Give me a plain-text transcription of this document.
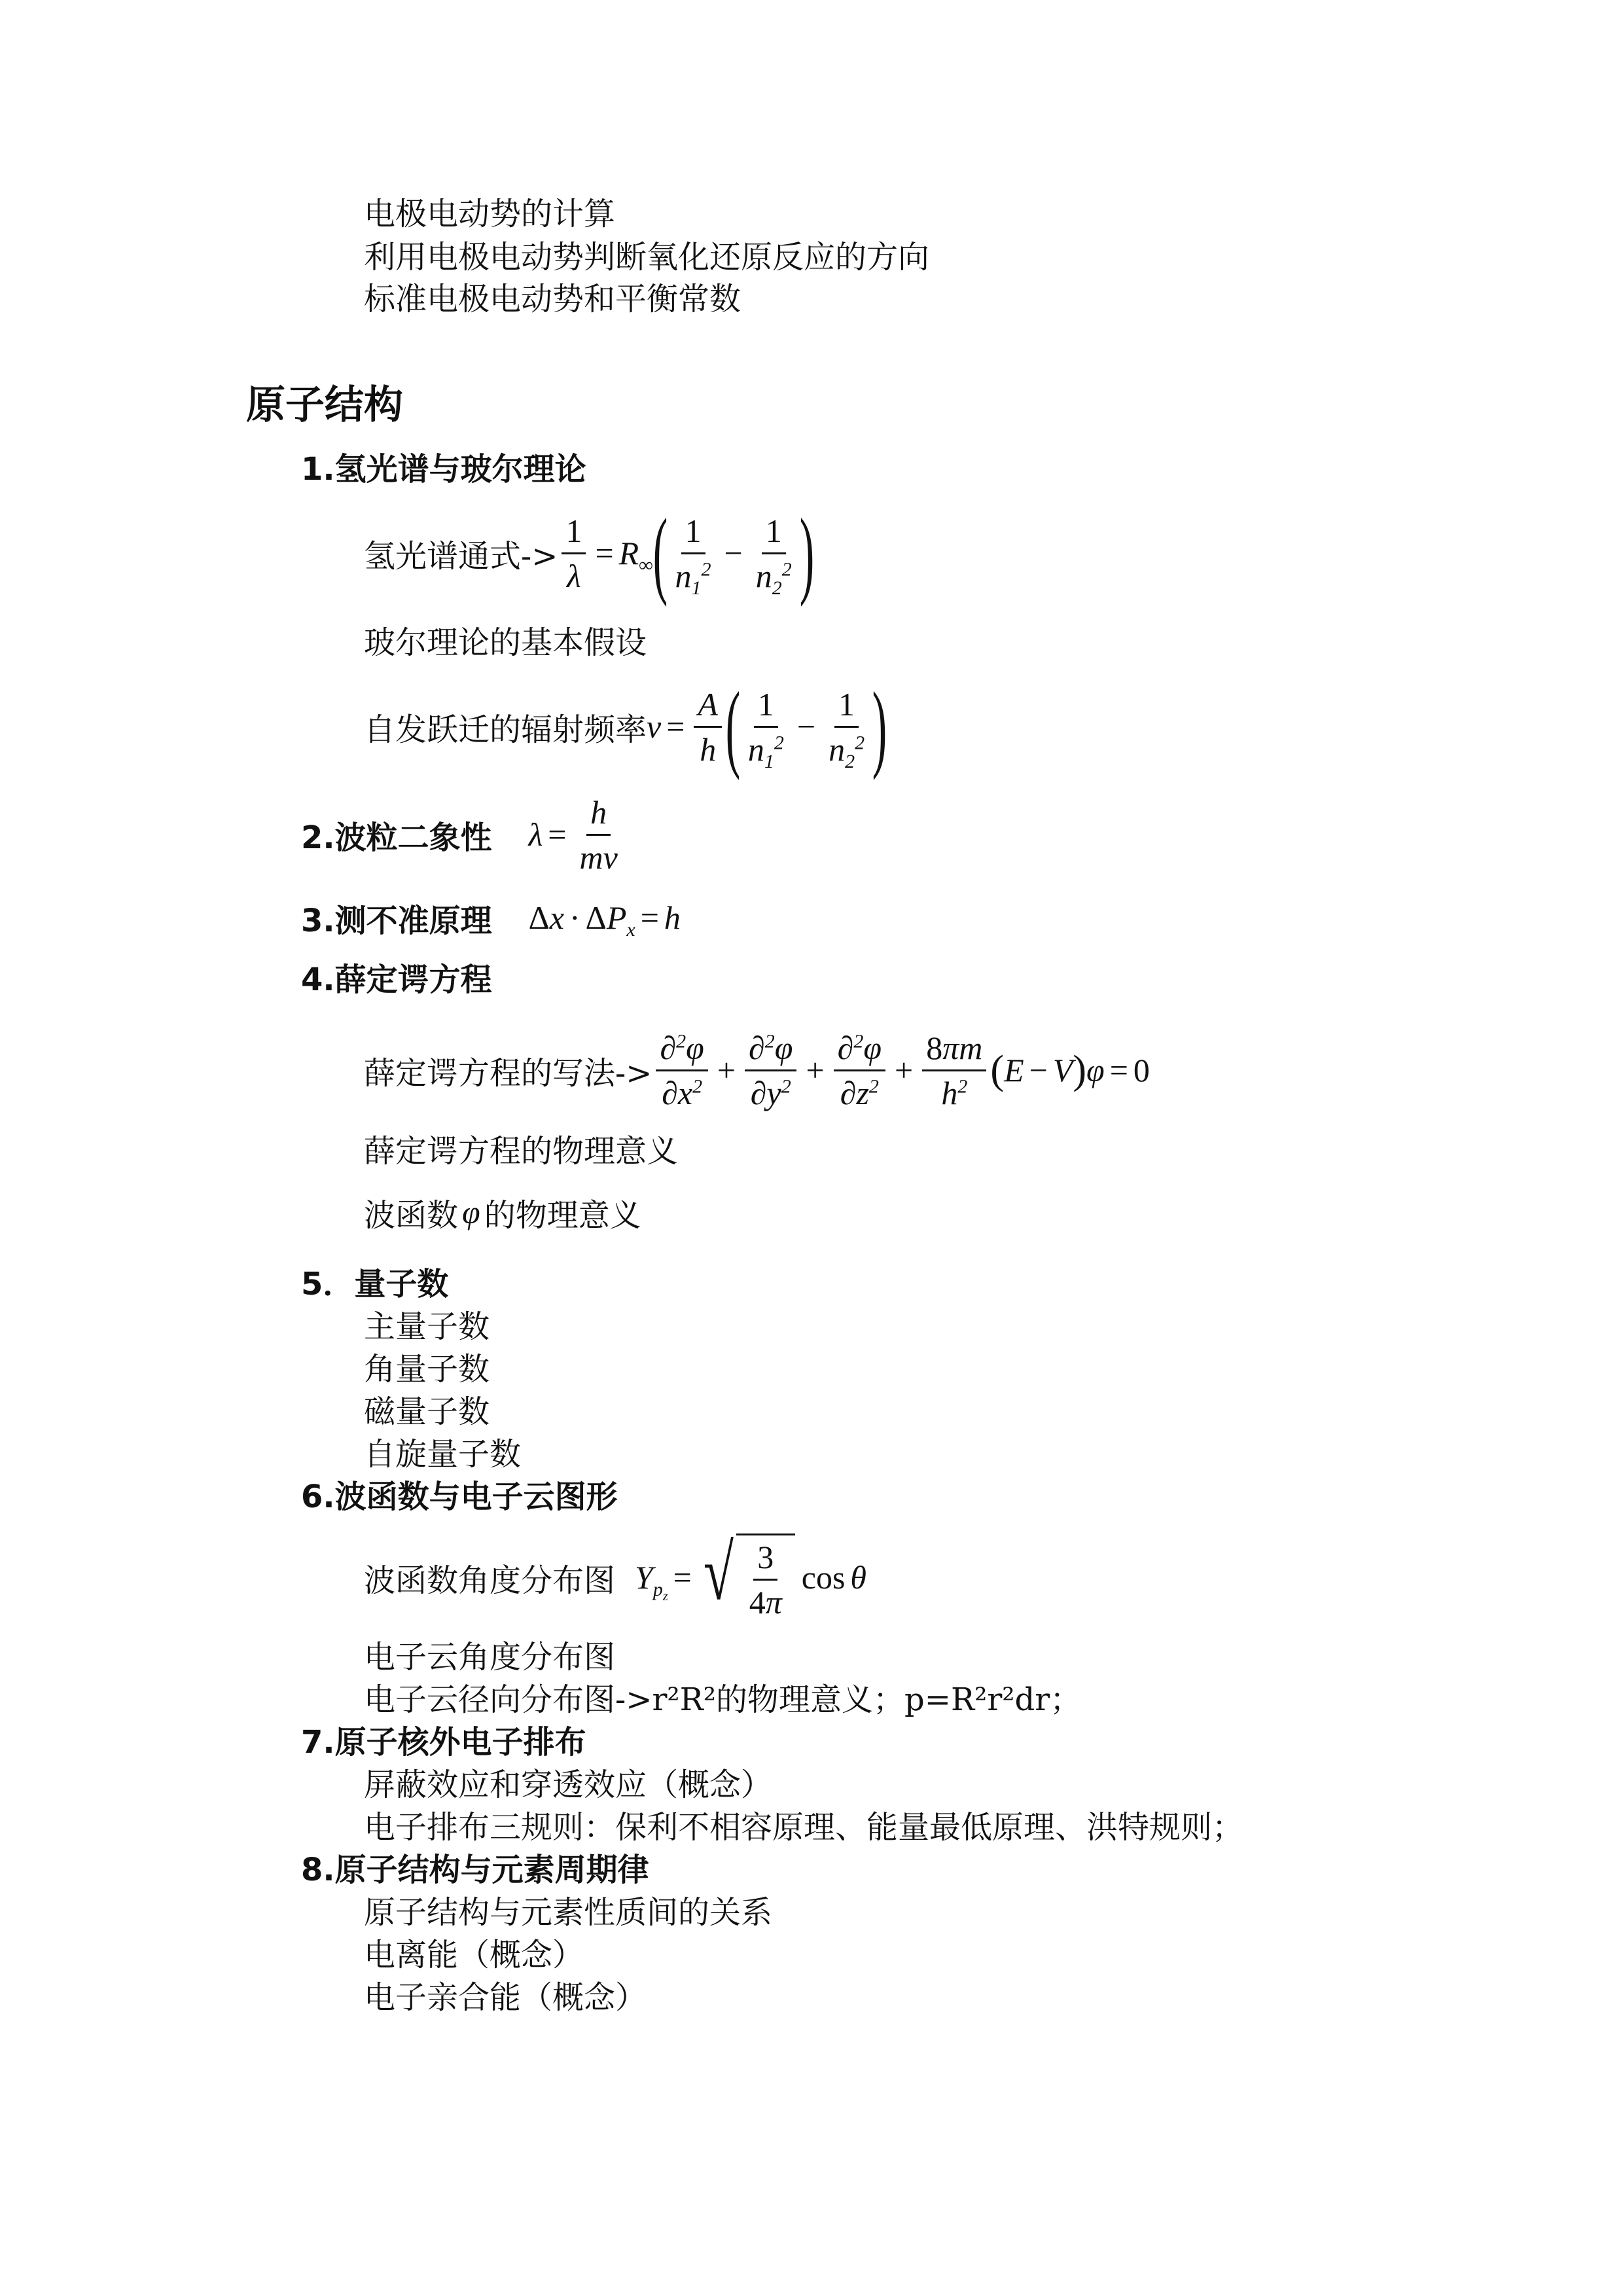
电极电动势的计算
利用电极电动势判断氧化还原反应的方向
标准电极电动势和平衡常数
原子结构
1.氢光谱与玻尔理论
氢光谱通式-> $\frac{1}{\lambda} = R_\infty$ ( $\frac{1}{n_1^2} - \frac{1}{n_2^2}$ )
玻尔理论的基本假设
自发跃迁的辐射频率 $v = \frac{A}{h}$ ( $\frac{1}{n_1^2} - \frac{1}{n_2^2}$ )
2.波粒二象性 $\lambda = \frac{h}{mv}$
3.测不准原理 Δ x · Δ $P_x = h$
4.薛定谔方程
薛定谔方程的写法-> $\frac{\partial^2\varphi}{\partial x^2} + \frac{\partial^2\varphi}{\partial y^2} + \frac{\partial^2\varphi}{\partial z^2} + \frac{8\pi m}{h^2}$ ( E − V ) φ = 0
薛定谔方程的物理意义
波函数 φ 的物理意义
5．量子数
主量子数
角量子数
磁量子数
自旋量子数
6.波函数与电子云图形
波函数角度分布图 $Y_{p_z}$
= √ $\frac{3}{4\pi}$ cos θ
电子云角度分布图
电子云径向分布图->r²R²的物理意义；p=R²r²dr；
7.原子核外电子排布
屏蔽效应和穿透效应（概念）
电子排布三规则：保利不相容原理、能量最低原理、洪特规则；
8.原子结构与元素周期律
原子结构与元素性质间的关系
电离能（概念）
电子亲合能（概念）
